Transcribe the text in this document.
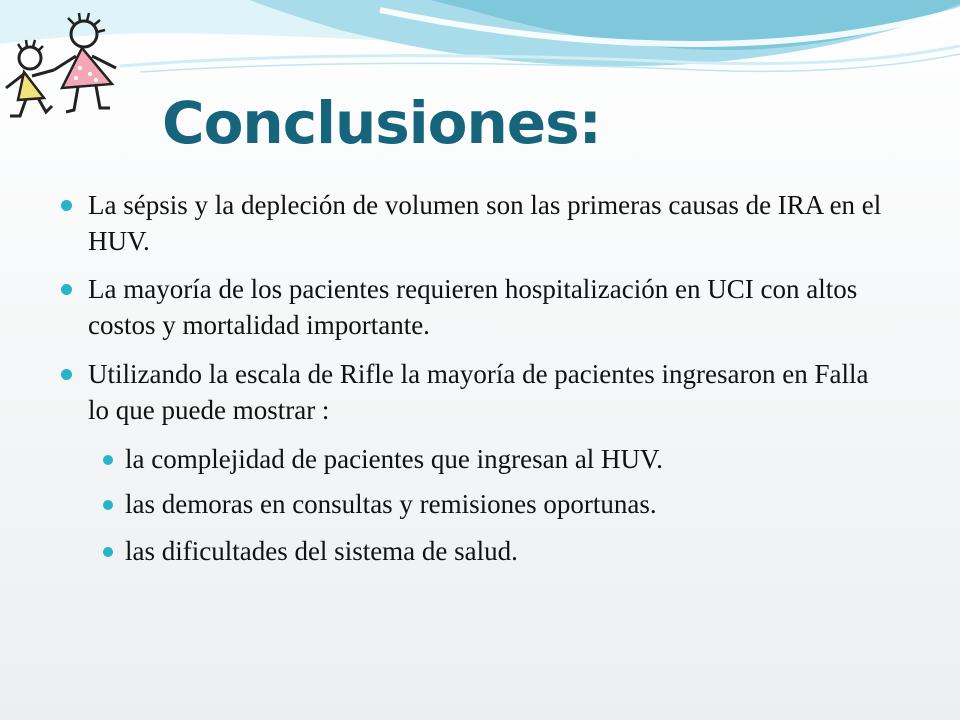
Conclusiones:
La sépsis y la depleción de volumen son las primeras causas de IRA en el HUV.
La mayoría de los pacientes requieren hospitalización en UCI con altos costos y mortalidad importante.
Utilizando la escala de Rifle la mayoría de pacientes ingresaron en Falla lo que puede mostrar :
la complejidad de pacientes que ingresan al HUV.
las demoras en consultas y remisiones oportunas.
las dificultades del sistema de salud.
